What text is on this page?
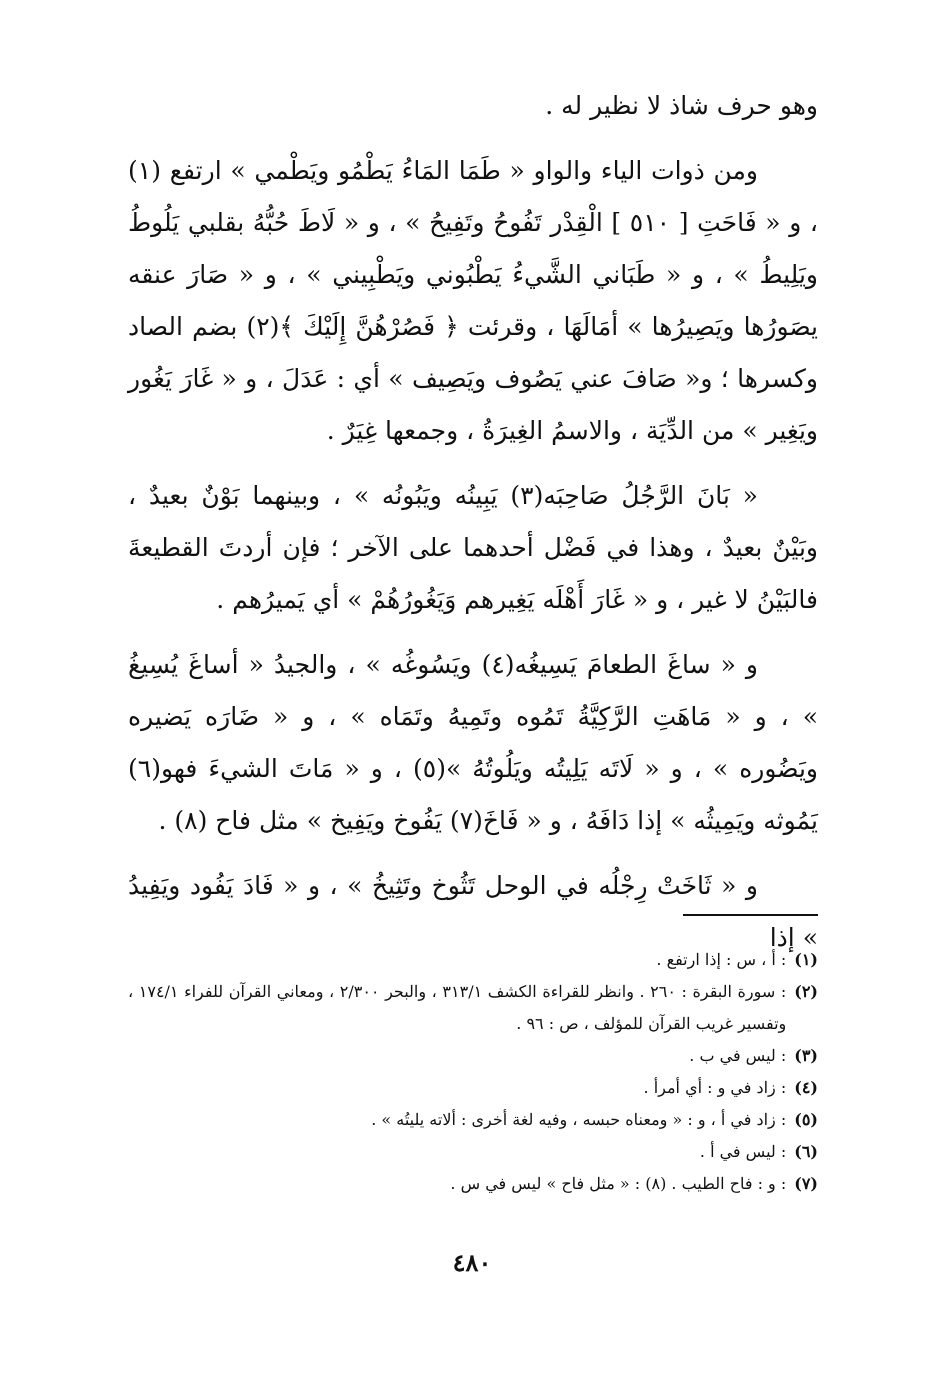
وهو حرف شاذ لا نظير له .

ومن ذوات الياء والواو « طَمَا المَاءُ يَطْمُو ويَطْمي » ارتفع (١) ، و « فَاحَتِ [ ٥١٠ ] الْقِدْر تَفُوحُ وتَفِيحُ » ، و « لَاطَ حُبُّهُ بقلبي يَلُوطُ ويَلِيطُ » ، و « طَبَاني الشَّيءُ يَطْبُوني ويَطْبِيني » ، و « صَارَ عنقه يصَورُها ويَصِيرُها » أمَالَهَا ، وقرئت ﴿ فَصُرْهُنَّ إِلَيْكَ ﴾(٢) بضم الصاد وكسرها ؛ و« صَافَ عني يَصُوف ويَصِيف » أي : عَدَلَ ، و « غَارَ يَغُور ويَغِير » من الدِّيَة ، والاسمُ الغِيرَةُ ، وجمعها غِيَرٌ .

« بَانَ الرَّجُلُ صَاحِبَه(٣) يَبِينُه ويَبُونُه » ، وبينهما بَوْنٌ بعيدٌ ، وبَيْنٌ بعيدٌ ، وهذا في فَضْل أحدهما على الآخر ؛ فإن أردتَ القطيعةَ فالبَيْنُ لا غير ، و « غَارَ أَهْلَه يَغِيرهم وَيَغُورُهُمْ » أي يَميرُهم .

و « ساغَ الطعامَ يَسِيغُه(٤) ويَسُوغُه » ، والجيدُ « أساغَ يُسِيغُ » ، و « مَاهَتِ الرَّكِيَّةُ تَمُوه وتَمِيهُ وتَمَاه » ، و « ضَارَه يَضيره ويَضُوره » ، و « لَاتَه يَلِيتُه ويَلُوتُهُ »(٥) ، و « مَاتَ الشيءَ فهو(٦) يَمُوثه ويَمِيثُه » إذا دَافَهُ ، و « فَاخَ(٧) يَفُوخ ويَفِيخ » مثل فاح (٨) .

و « ثَاخَتْ رِجْلُه في الوحل تَثُوخ وتَثِيخُ » ، و « فَادَ يَفُود ويَفِيدُ » إذا

(١)
: أ ، س : إذا ارتفع .
(٢)
: سورة البقرة : ٢٦٠ . وانظر للقراءة الكشف ٣١٣/١ ، والبحر ٢/٣٠٠ ، ومعاني القرآن للفراء ١٧٤/١ ، وتفسير غريب القرآن للمؤلف ، ص : ٩٦ .
(٣)
: ليس في ب .
(٤)
: زاد في و : أي أمرأ .
(٥)
: زاد في أ ، و : « ومعناه حبسه ، وفيه لغة أخرى : ألاته يليتُه » .
(٦)
: ليس في أ .
(٧)
: و : فاح الطيب . (٨) : « مثل فاح » ليس في س .
٤٨٠
